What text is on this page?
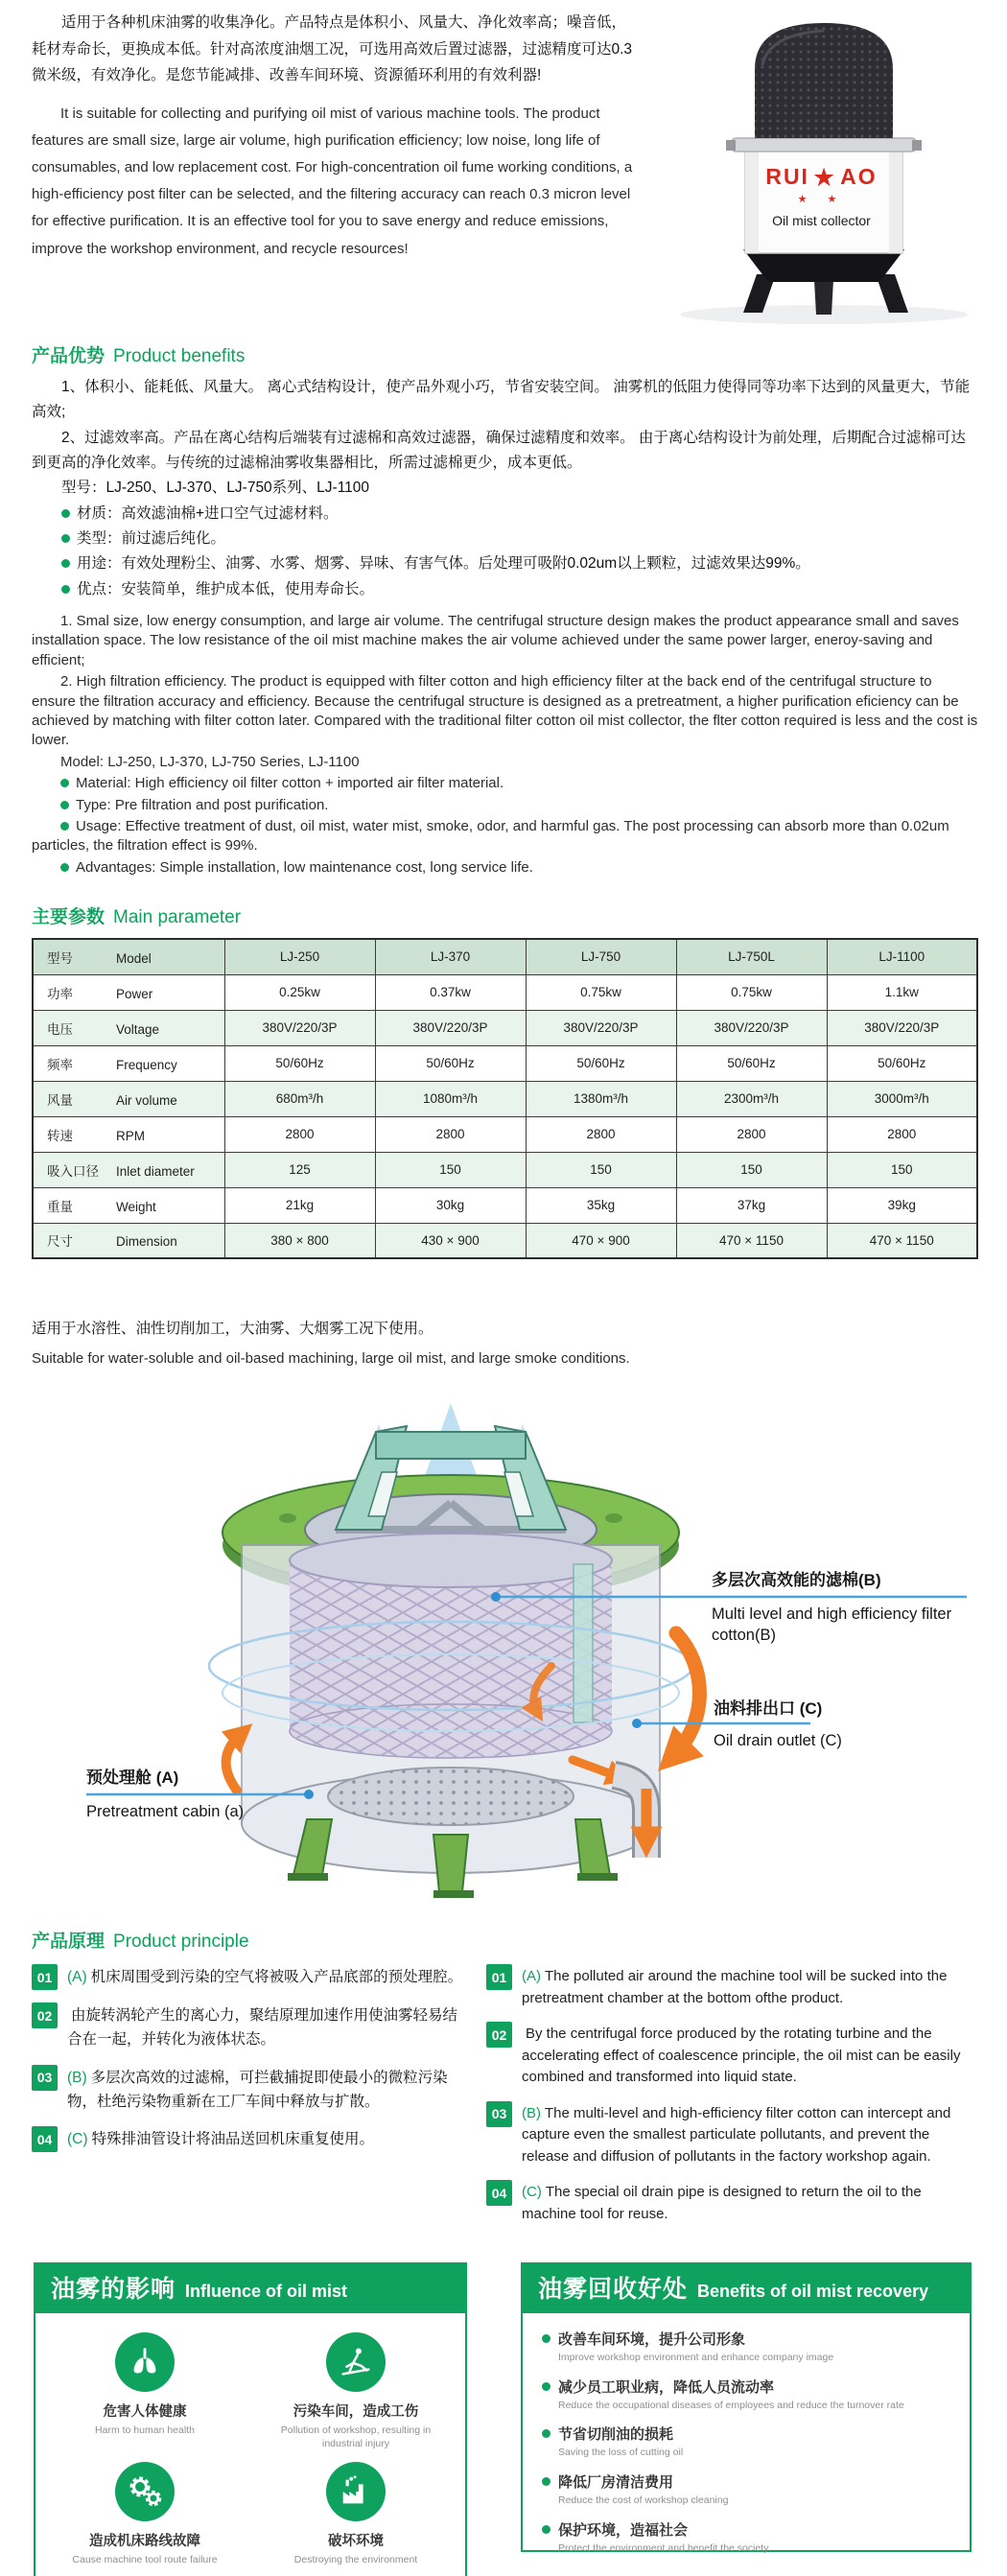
适用于各种机床油雾的收集净化。产品特点是体积小、风量大、净化效率高；噪音低，耗材寿命长，更换成本低。针对高浓度油烟工况，可选用高效后置过滤器，过滤精度可达0.3微米级，有效净化。是您节能减排、改善车间环境、资源循环利用的有效利器!

It is suitable for collecting and purifying oil mist of various machine tools. The product features are small size, large air volume, high purification efficiency; low noise, long life of consumables, and low replacement cost. For high-concentration oil fume working conditions, a high-efficiency post filter can be selected, and the filtering accuracy can reach 0.3 micron level for effective purification. It is an effective tool for you to save energy and reduce emissions, improve the workshop environment, and recycle resources!

RUI ★ AO
★ ★
Oil mist collector
产品优势 Product benefits

1、体积小、能耗低、风量大。 离心式结构设计，使产品外观小巧，节省安装空间。 油雾机的低阻力使得同等功率下达到的风量更大，节能高效;

2、过滤效率高。产品在离心结构后端装有过滤棉和高效过滤器，确保过滤精度和效率。 由于离心结构设计为前处理，后期配合过滤棉可达到更高的净化效率。与传统的过滤棉油雾收集器相比，所需过滤棉更少，成本更低。

型号：LJ-250、LJ-370、LJ-750系列、LJ-1100

材质：高效滤油棉+进口空气过滤材料。

类型：前过滤后纯化。

用途：有效处理粉尘、油雾、水雾、烟雾、异味、有害气体。后处理可吸附0.02um以上颗粒，过滤效果达99%。

优点：安装简单，维护成本低，使用寿命长。

1. Smal size, low energy consumption, and large air volume. The centrifugal structure design makes the product appearance small and saves installation space. The low resistance of the oil mist machine makes the air volume achieved under the same power larger, eneroy-saving and efficient;

2. High filtration efficiency. The product is equipped with filter cotton and high efficiency filter at the back end of the centrifugal structure to ensure the filtration accuracy and efficiency. Because the centrifugal structure is designed as a pretreatment, a higher purification eficiency can be achieved by matching with filter cotton later. Compared with the traditional filter cotton oil mist collector, the flter cotton required is less and the cost is lower.

Model: LJ-250, LJ-370, LJ-750 Series, LJ-1100

Material: High efficiency oil filter cotton + imported air filter material.

Type: Pre filtration and post purification.

Usage: Effective treatment of dust, oil mist, water mist, smoke, odor, and harmful gas. The post processing can absorb more than 0.02um particles, the filtration effect is 99%.

Advantages: Simple installation, low maintenance cost, long service life.

主要参数 Main parameter
型号 Model	LJ-250	LJ-370	LJ-750	LJ-750L	LJ-1100
功率 Power	0.25kw	0.37kw	0.75kw	0.75kw	1.1kw
电压 Voltage	380V/220/3P	380V/220/3P	380V/220/3P	380V/220/3P	380V/220/3P
频率 Frequency	50/60Hz	50/60Hz	50/60Hz	50/60Hz	50/60Hz
风量 Air volume	680m³/h	1080m³/h	1380m³/h	2300m³/h	3000m³/h
转速 RPM	2800	2800	2800	2800	2800
吸入口径 Inlet diameter	125	150	150	150	150
重量 Weight	21kg	30kg	35kg	37kg	39kg
尺寸 Dimension	380 × 800	430 × 900	470 × 900	470 × 1150	470 × 1150

适用于水溶性、油性切削加工，大油雾、大烟雾工况下使用。

Suitable for water-soluble and oil-based machining, large oil mist, and large smoke conditions.

多层次高效能的滤棉(B)
Multi level and high efficiency filter cotton(B)
油料排出口 (C)
Oil drain outlet (C)
预处理舱 (A)
Pretreatment cabin (a)
产品原理 Product principle
01	(A) 机床周围受到污染的空气将被吸入产品底部的预处理腔。
02	由旋转涡轮产生的离心力，聚结原理加速作用使油雾轻易结合在一起，并转化为液体状态。
03	(B) 多层次高效的过滤棉，可拦截捕捉即使最小的微粒污染物，杜绝污染物重新在工厂车间中释放与扩散。
04	(C) 特殊排油管设计将油品送回机床重复使用。
01	(A) The polluted air around the machine tool will be sucked into the pretreatment chamber at the bottom ofthe product.
02	By the centrifugal force produced by the rotating turbine and the accelerating effect of coalescence principle, the oil mist can be easily combined and transformed into liquid state.
03	(B) The multi-level and high-efficiency filter cotton can intercept and capture even the smallest particulate pollutants, and prevent the release and diffusion of pollutants in the factory workshop again.
04	(C) The special oil drain pipe is designed to return the oil to the machine tool for reuse.
油雾的影响 Influence of oil mist
危害人体健康
Harm to human health
污染车间，造成工伤
Pollution of workshop, resulting in industrial injury
造成机床路线故障
Cause machine tool route failure
破坏环境
Destroying the environment
油雾回收好处 Benefits of oil mist recovery
改善车间环境，提升公司形象
Improve workshop environment and enhance company image
减少员工职业病，降低人员流动率
Reduce the occupational diseases of employees and reduce the turnover rate
节省切削油的损耗
Saving the loss of cutting oil
降低厂房清洁费用
Reduce the cost of workshop cleaning
保护环境，造福社会
Protect the environment and benefit the society
